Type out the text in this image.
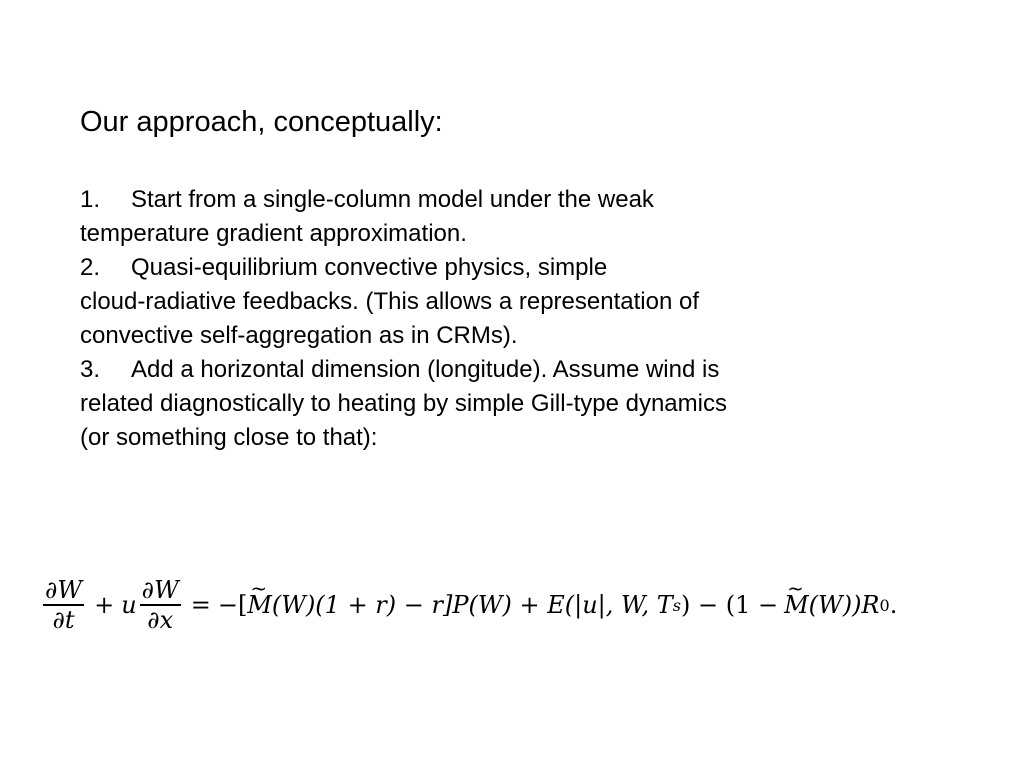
Our approach, conceptually:
1. Start from a single-column model under the weak
temperature gradient approximation.
2. Quasi-equilibrium convective physics, simple
cloud-radiative feedbacks. (This allows a representation of
convective self-aggregation as in CRMs).
3. Add a horizontal dimension (longitude). Assume wind is
related diagnostically to heating by simple Gill-type dynamics
(or something close to that):
$\frac{\partial W}{\partial t} + u \frac{\partial W}{\partial x}$ = −[ ~ M (W)(1 + r) − r]P(W) + E(|u|, W, T s ) − (1 − ~ M (W))R 0 .
